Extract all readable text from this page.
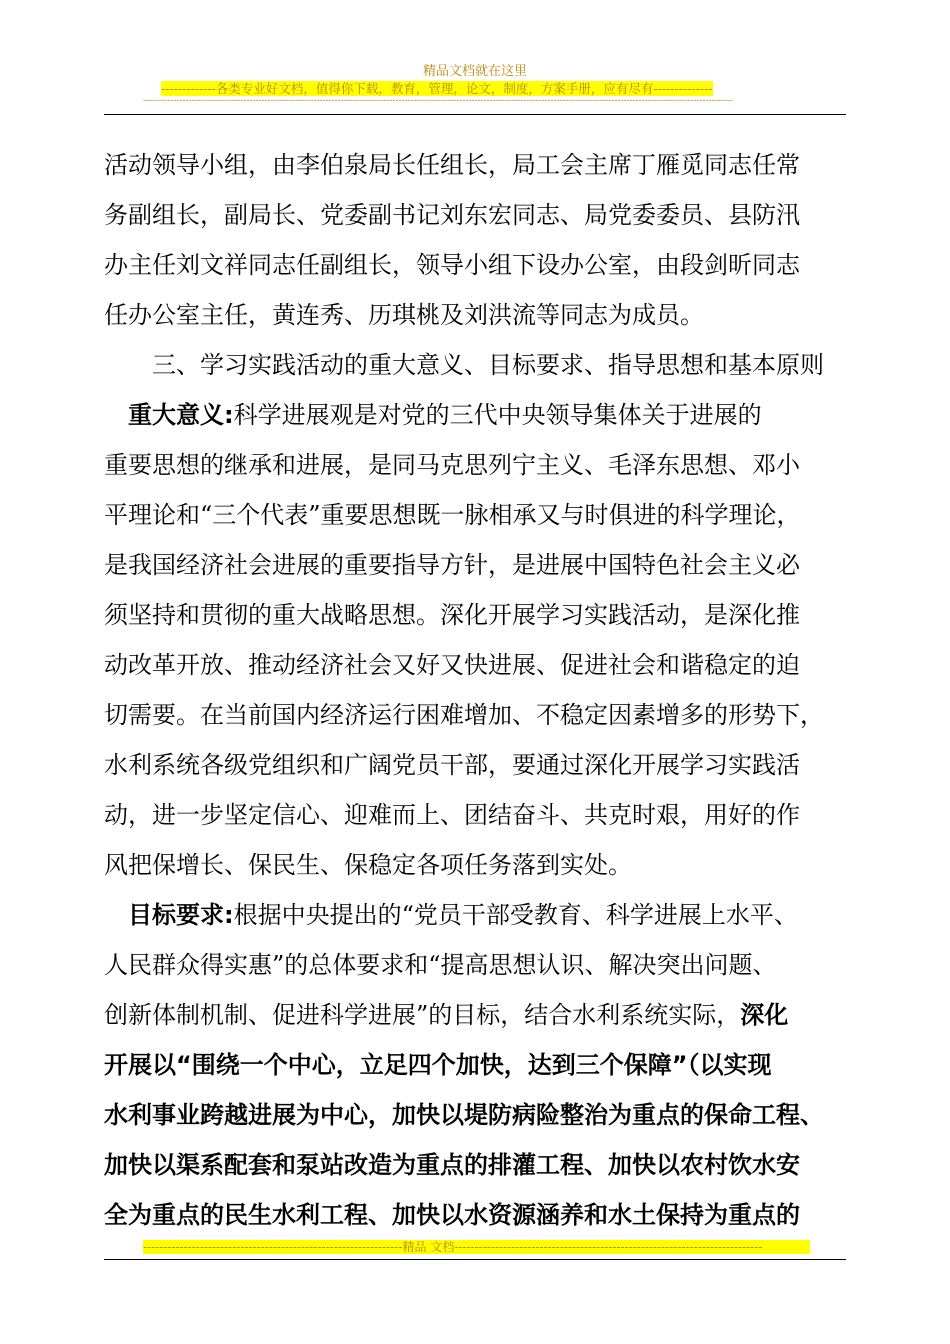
精品文档就在这里
-------------各类专业好文档，值得你下载，教育，管理，论文，制度，方案手册，应有尽有--------------
--------------------------------------------------------------------------------------------------------------------------------------------------------------------------------------------------
活动领导小组，由李伯泉局长任组长，局工会主席丁雁觅同志任常
务副组长，副局长、党委副书记刘东宏同志、局党委委员、县防汛
办主任刘文祥同志任副组长，领导小组下设办公室，由段剑昕同志
任办公室主任，黄连秀、历琪桃及刘洪流等同志为成员。
三、学习实践活动的重大意义、目标要求、指导思想和基本原则
重大意义:科学进展观是对党的三代中央领导集体关于进展的
重要思想的继承和进展，是同马克思列宁主义、毛泽东思想、邓小
平理论和“三个代表”重要思想既一脉相承又与时俱进的科学理论，
是我国经济社会进展的重要指导方针，是进展中国特色社会主义必
须坚持和贯彻的重大战略思想。深化开展学习实践活动，是深化推
动改革开放、推动经济社会又好又快进展、促进社会和谐稳定的迫
切需要。在当前国内经济运行困难增加、不稳定因素增多的形势下，
水利系统各级党组织和广阔党员干部，要通过深化开展学习实践活
动，进一步坚定信心、迎难而上、团结奋斗、共克时艰，用好的作
风把保增长、保民生、保稳定各项任务落到实处。
目标要求:根据中央提出的“党员干部受教育、科学进展上水平、
人民群众得实惠”的总体要求和“提高思想认识、解决突出问题、
创新体制机制、促进科学进展”的目标，结合水利系统实际，深化
开展以“围绕一个中心，立足四个加快，达到三个保障”（以实现
水利事业跨越进展为中心，加快以堤防病险整治为重点的保命工程、
加快以渠系配套和泵站改造为重点的排灌工程、加快以农村饮水安
全为重点的民生水利工程、加快以水资源涵养和水土保持为重点的
----------------------------------------------------------------精品 文档----------------------------------------------------------------------------
